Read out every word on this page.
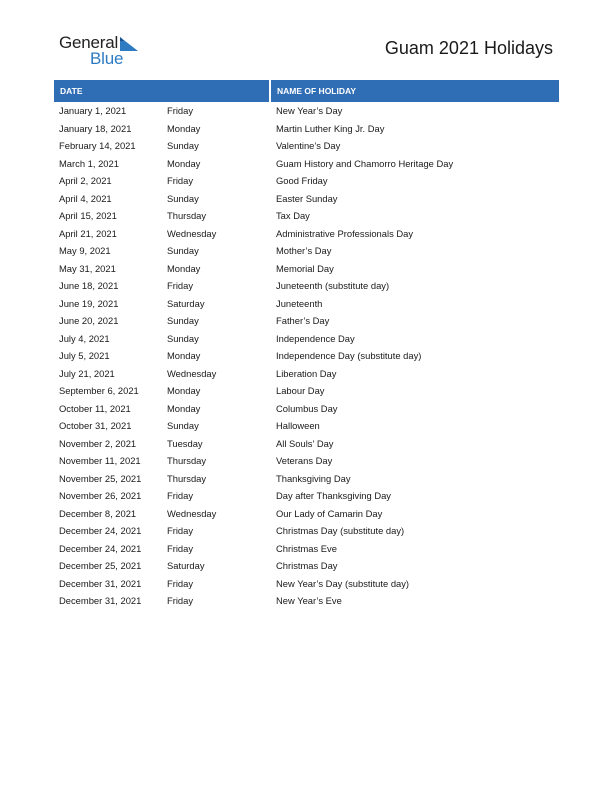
General
Blue
Guam 2021 Holidays
DATE	NAME OF HOLIDAY
January 1, 2021	Friday	New Year’s Day
January 18, 2021	Monday	Martin Luther King Jr. Day
February 14, 2021	Sunday	Valentine’s Day
March 1, 2021	Monday	Guam History and Chamorro Heritage Day
April 2, 2021	Friday	Good Friday
April 4, 2021	Sunday	Easter Sunday
April 15, 2021	Thursday	Tax Day
April 21, 2021	Wednesday	Administrative Professionals Day
May 9, 2021	Sunday	Mother’s Day
May 31, 2021	Monday	Memorial Day
June 18, 2021	Friday	Juneteenth (substitute day)
June 19, 2021	Saturday	Juneteenth
June 20, 2021	Sunday	Father’s Day
July 4, 2021	Sunday	Independence Day
July 5, 2021	Monday	Independence Day (substitute day)
July 21, 2021	Wednesday	Liberation Day
September 6, 2021	Monday	Labour Day
October 11, 2021	Monday	Columbus Day
October 31, 2021	Sunday	Halloween
November 2, 2021	Tuesday	All Souls’ Day
November 11, 2021	Thursday	Veterans Day
November 25, 2021	Thursday	Thanksgiving Day
November 26, 2021	Friday	Day after Thanksgiving Day
December 8, 2021	Wednesday	Our Lady of Camarin Day
December 24, 2021	Friday	Christmas Day (substitute day)
December 24, 2021	Friday	Christmas Eve
December 25, 2021	Saturday	Christmas Day
December 31, 2021	Friday	New Year’s Day (substitute day)
December 31, 2021	Friday	New Year’s Eve
